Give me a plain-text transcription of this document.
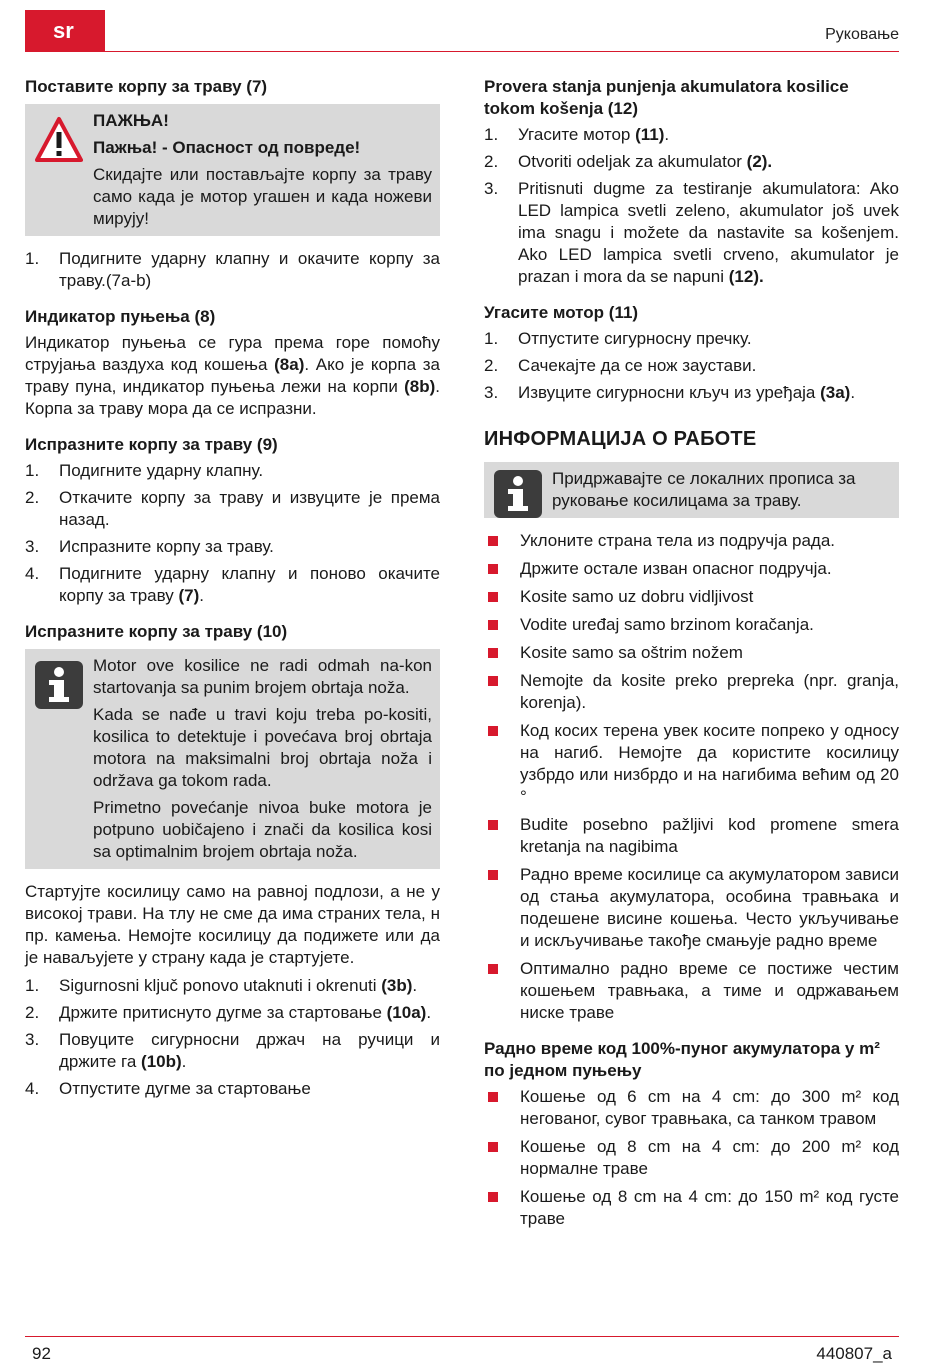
sr	Руковање
Поставите корпу за траву (7)

ПАЖЊА!

Пажња! - Опасност од повреде!

Скидајте или постављајте корпу за траву само када је мотор угашен и када ножеви мирују!

1. Подигните ударну клапну и окачите корпу за траву.(7a-b)
Индикатор пуњења (8)

Индикатор пуњења се гура према горе помоћу струјања ваздуха код кошења (8a). Ако је корпа за траву пуна, индикатор пуњења лежи на корпи (8b). Корпа за траву мора да се испразни.

Испразните корпу за траву (9)
1. Подигните ударну клапну.
2. Откачите корпу за траву и извуците је према назад.
3. Испразните корпу за траву.
4. Подигните ударну клапну и поново окачите корпу за траву (7).
Испразните корпу за траву (10)

Motor ove kosilice ne radi odmah na-kon startovanja sa punim brojem obrtaja noža.

Kada se nađe u travi koju treba po-kositi, kosilica to detektuje i povećava broj obrtaja motora na maksimalni broj obrtaja noža i održava ga tokom rada.

Primetno povećanje nivoa buke motora je potpuno uobičajeno i znači da kosilica kosi sa optimalnim brojem obrtaja noža.

Стартујте косилицу само на равној подлози, а не у високој трави. На тлу не сме да има страних тела, н пр. камења. Немојте косилицу да подижете или да је наваљујете у страну када је стартујете.

1. Sigurnosni ključ ponovo utaknuti i okrenuti (3b).
2. Држите притиснуто дугме за стартовање (10a).
3. Повуците сигурносни држач на ручици и држите га (10b).
4. Отпустите дугме за стартовање
Provera stanja punjenja akumulatora kosilice tokom košenja (12)
1. Угасите мотор (11).
2. Otvoriti odeljak za akumulator (2).
3. Pritisnuti dugme za testiranje akumulatora: Ako LED lampica svetli zeleno, akumulator još uvek ima snagu i možete da nastavite sa košenjem. Ako LED lampica svetli crveno, akumulator je prazan i mora da se napuni (12).
Угасите мотор (11)
1. Отпустите сигурносну пречку.
2. Сачекајте да се нож заустави.
3. Извуците сигурносни кључ из уређаја (3a).
ИНФОРМАЦИЈА О РАБОТЕ

Придржавајте се локалних прописа за руковање косилицама за траву.

Уклоните страна тела из подручја рада.
Држите остале изван опасног подручја.
Kosite samo uz dobru vidljivost
Vodite uređaj samo brzinom koračanja.
Kosite samo sa oštrim nožem
Nemojte da kosite preko prepreka (npr. granja, korenja).
Код косих терена увек косите попреко у односу на нагиб. Немојте да користите косилицу узбрдо или низбрдо и на нагибима већим од 20 °
Budite posebno pažljivi kod promene smera kretanja na nagibima
Радно време косилице са акумулатором зависи од стања акумулатора, особина травњака и подешене висине кошења. Често укључивање и искључивање такође смањује радно време
Оптимално радно време се постиже честим кошењем травњака, а тиме и одржавањем ниске траве
Радно време код 100%-пуног акумулатора у m² по једном пуњењу
Кошење од 6 cm на 4 cm: до 300 m² код неговaног, сувог травњака, са танком травом
Кошење од 8 cm на 4 cm: до 200 m² код нормалне траве
Кошење од 8 cm на 4 cm: до 150 m² код густе траве
92	440807_a
